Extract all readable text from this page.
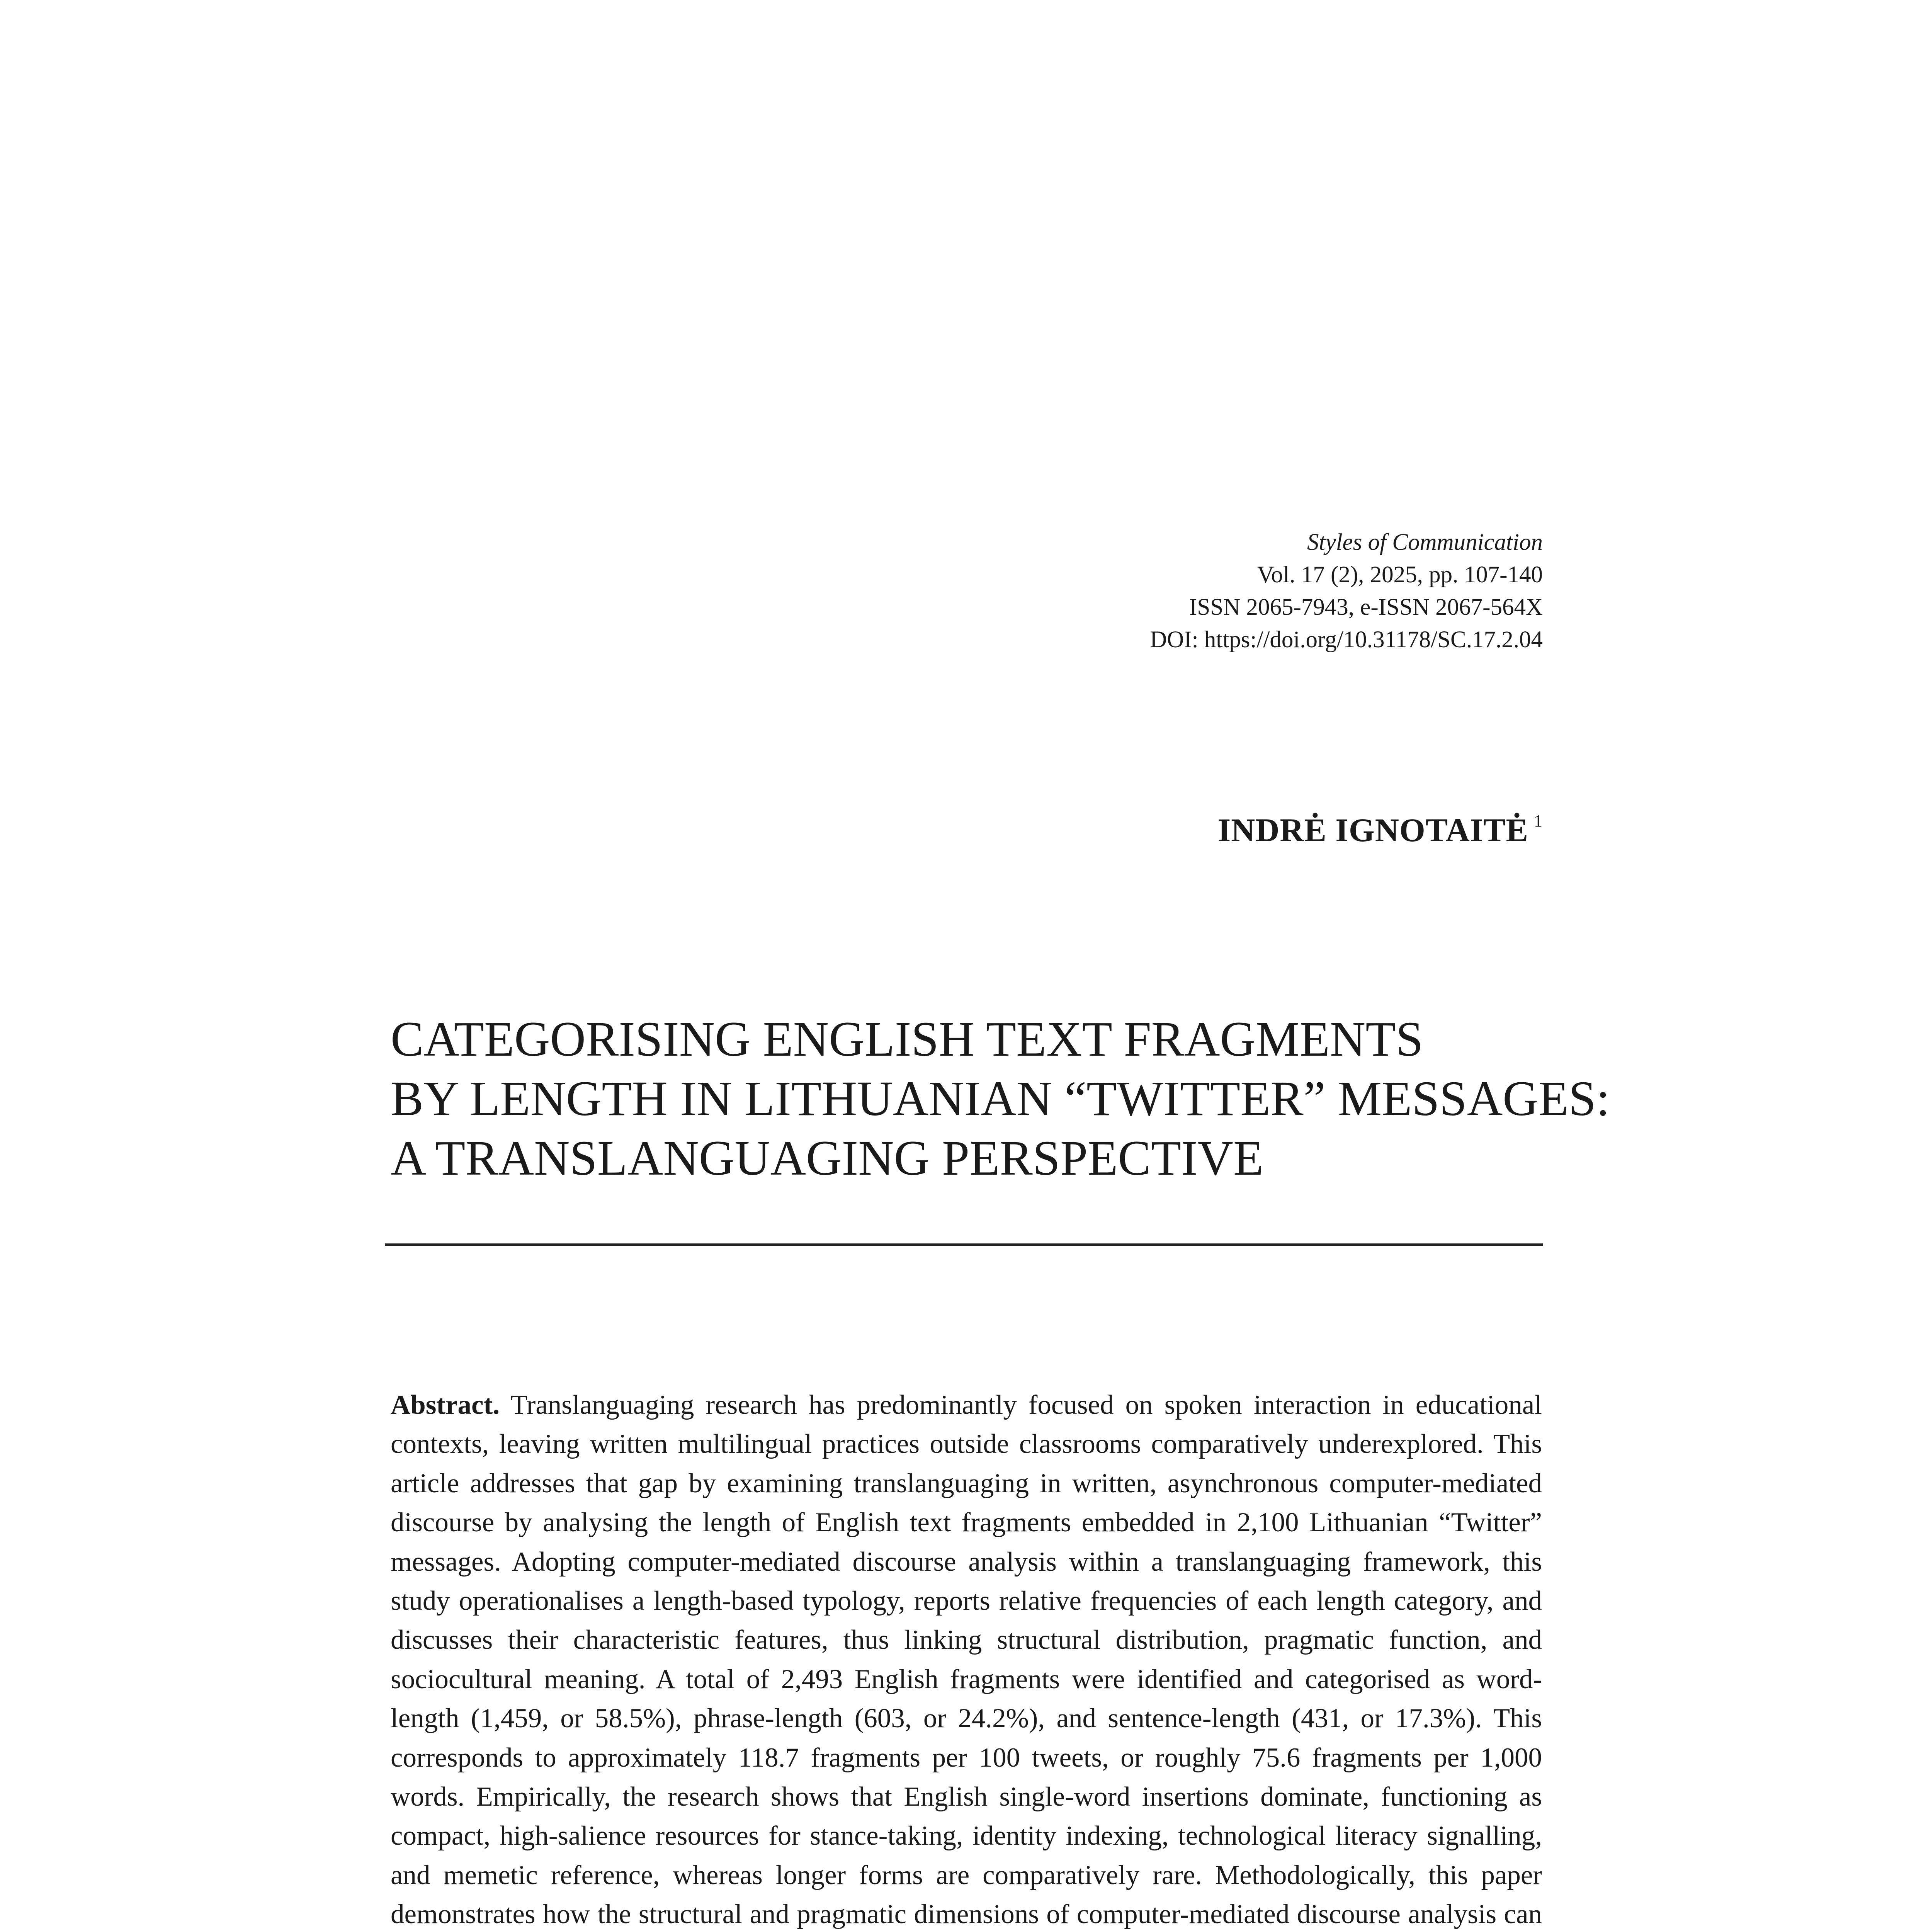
Styles of Communication
Vol. 17 (2), 2025, pp. 107-140
ISSN 2065-7943, e-ISSN 2067-564X
DOI: https://doi.org/10.31178/SC.17.2.04
INDRĖ IGNOTAITĖ $^1$
CATEGORISING ENGLISH TEXT FRAGMENTS
BY LENGTH IN LITHUANIAN “TWITTER” MESSAGES:
A TRANSLANGUAGING PERSPECTIVE

Abstract. Translanguaging research has predominantly focused on spoken interaction in educational contexts, leaving written multilingual practices outside classrooms comparatively underexplored. This article addresses that gap by examining translanguaging in written, asynchronous computer-mediated discourse by analysing the length of English text fragments embedded in 2,100 Lithuanian “Twitter” messages. Adopting computer-mediated discourse analysis within a translanguaging framework, this study operationalises a length-based typology, reports relative frequencies of each length category, and discusses their characteristic features, thus linking structural distribution, pragmatic function, and sociocultural meaning. A total of 2,493 English fragments were identified and categorised as word-length (1,459, or 58.5%), phrase-length (603, or 24.2%), and sentence-length (431, or 17.3%). This corresponds to approximately 118.7 fragments per 100 tweets, or roughly 75.6 fragments per 1,000 words. Empirically, the research shows that English single-word insertions dominate, functioning as compact, high-salience resources for stance-taking, identity indexing, technological literacy signalling, and memetic reference, whereas longer forms are comparatively rare. Methodologically, this paper demonstrates how the structural and pragmatic dimensions of computer-mediated discourse analysis can
